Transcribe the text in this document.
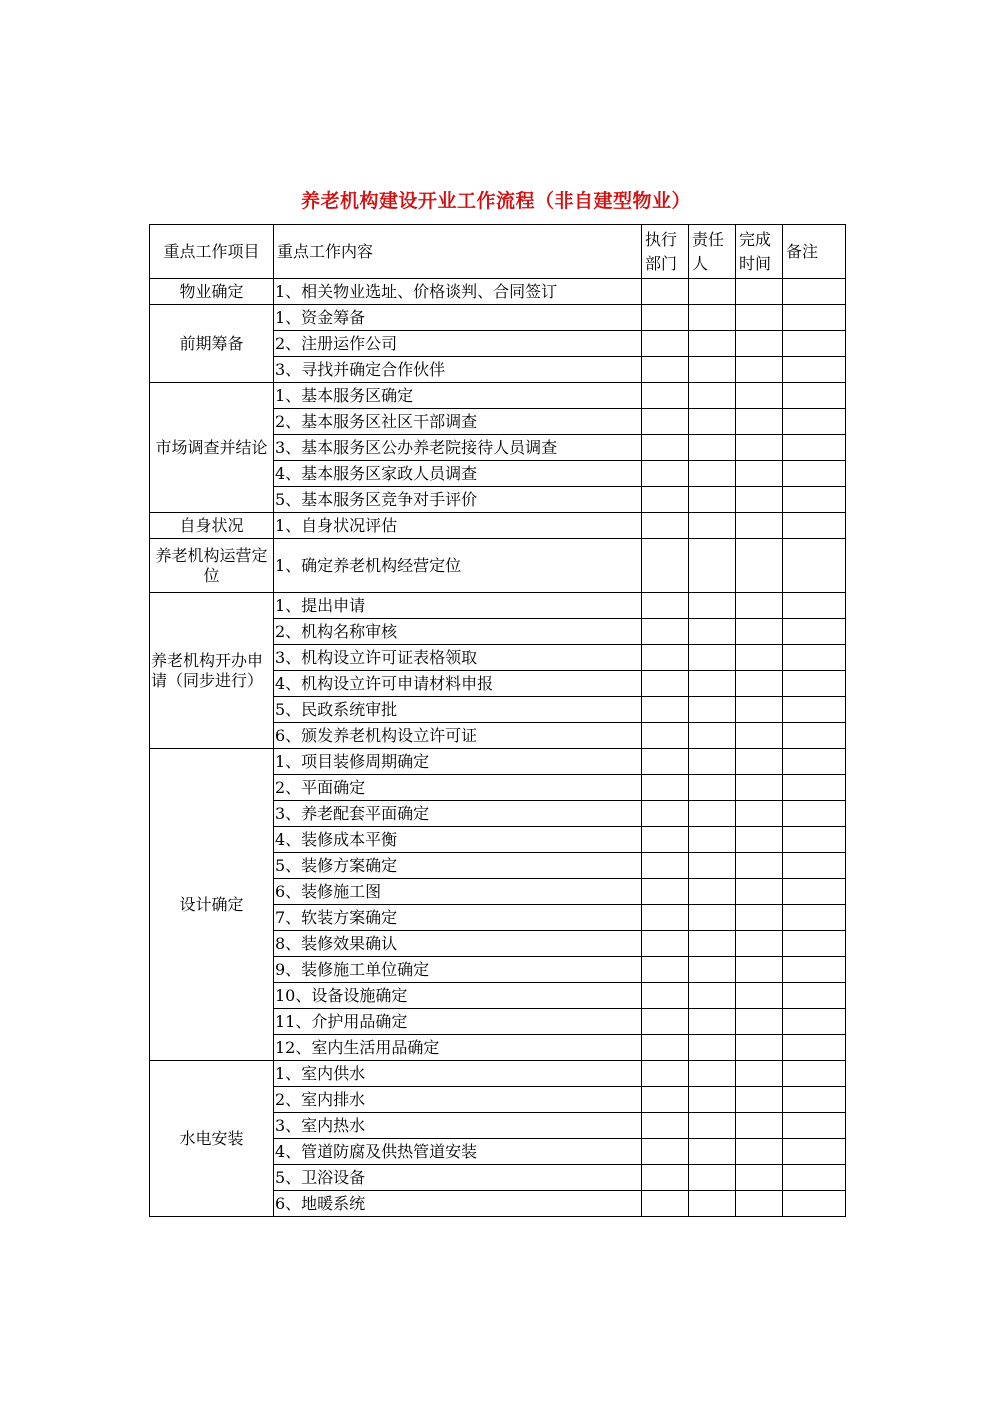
养老机构建设开业工作流程（非自建型物业）
重点工作项目	重点工作内容	执行部门	责任人	完成时间	备注
物业确定	1、相关物业选址、价格谈判、合同签订				
前期筹备	1、资金筹备				
	2、注册运作公司				
	3、寻找并确定合作伙伴				
市场调查并结论	1、基本服务区确定				
	2、基本服务区社区干部调查				
	3、基本服务区公办养老院接待人员调查				
	4、基本服务区家政人员调查				
	5、基本服务区竞争对手评价				
自身状况	1、自身状况评估				
养老机构运营定位	1、确定养老机构经营定位				
养老机构开办申请（同步进行）	1、提出申请				
	2、机构名称审核				
	3、机构设立许可证表格领取				
	4、机构设立许可申请材料申报				
	5、民政系统审批				
	6、颁发养老机构设立许可证				
设计确定	1、项目装修周期确定				
	2、平面确定				
	3、养老配套平面确定				
	4、装修成本平衡				
	5、装修方案确定				
	6、装修施工图				
	7、软装方案确定				
	8、装修效果确认				
	9、装修施工单位确定				
	10、设备设施确定				
	11、介护用品确定				
	12、室内生活用品确定				
水电安装	1、室内供水				
	2、室内排水				
	3、室内热水				
	4、管道防腐及供热管道安装				
	5、卫浴设备				
	6、地暖系统				
